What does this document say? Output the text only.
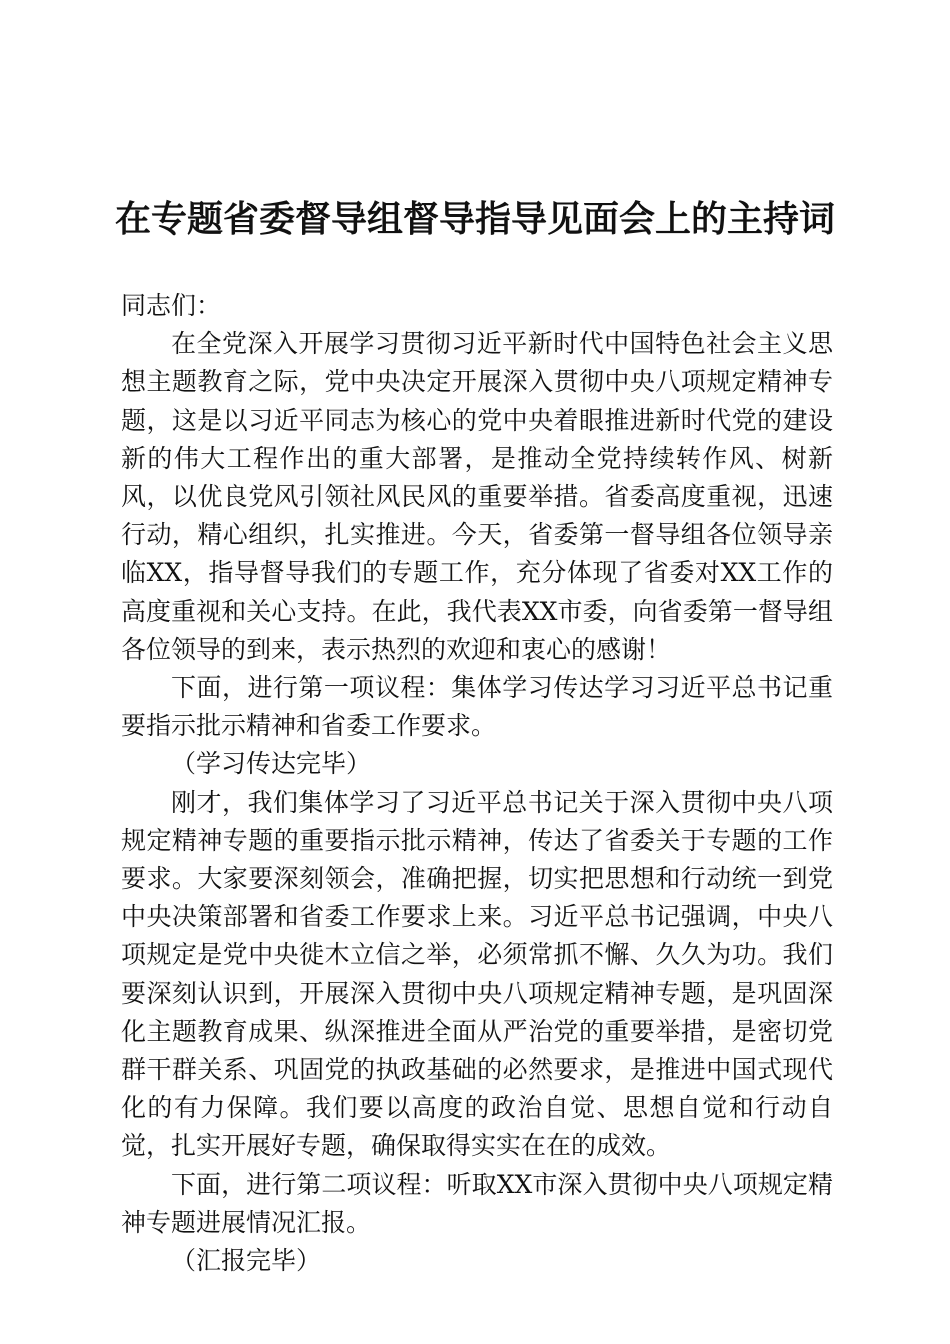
在专题省委督导组督导指导见面会上的主持词

同志们：

在全党深入开展学习贯彻习近平新时代中国特色社会主义思想主题教育之际，党中央决定开展深入贯彻中央八项规定精神专题，这是以习近平同志为核心的党中央着眼推进新时代党的建设新的伟大工程作出的重大部署，是推动全党持续转作风、树新风，以优良党风引领社风民风的重要举措。省委高度重视，迅速行动，精心组织，扎实推进。今天，省委第一督导组各位领导亲临XX，指导督导我们的专题工作，充分体现了省委对XX工作的高度重视和关心支持。在此，我代表XX市委，向省委第一督导组各位领导的到来，表示热烈的欢迎和衷心的感谢！

下面，进行第一项议程：集体学习传达学习习近平总书记重要指示批示精神和省委工作要求。

（学习传达完毕）

刚才，我们集体学习了习近平总书记关于深入贯彻中央八项规定精神专题的重要指示批示精神，传达了省委关于专题的工作要求。大家要深刻领会，准确把握，切实把思想和行动统一到党中央决策部署和省委工作要求上来。习近平总书记强调，中央八项规定是党中央徙木立信之举，必须常抓不懈、久久为功。我们要深刻认识到，开展深入贯彻中央八项规定精神专题，是巩固深化主题教育成果、纵深推进全面从严治党的重要举措，是密切党群干群关系、巩固党的执政基础的必然要求，是推进中国式现代化的有力保障。我们要以高度的政治自觉、思想自觉和行动自觉，扎实开展好专题，确保取得实实在在的成效。

下面，进行第二项议程：听取XX市深入贯彻中央八项规定精神专题进展情况汇报。

（汇报完毕）
